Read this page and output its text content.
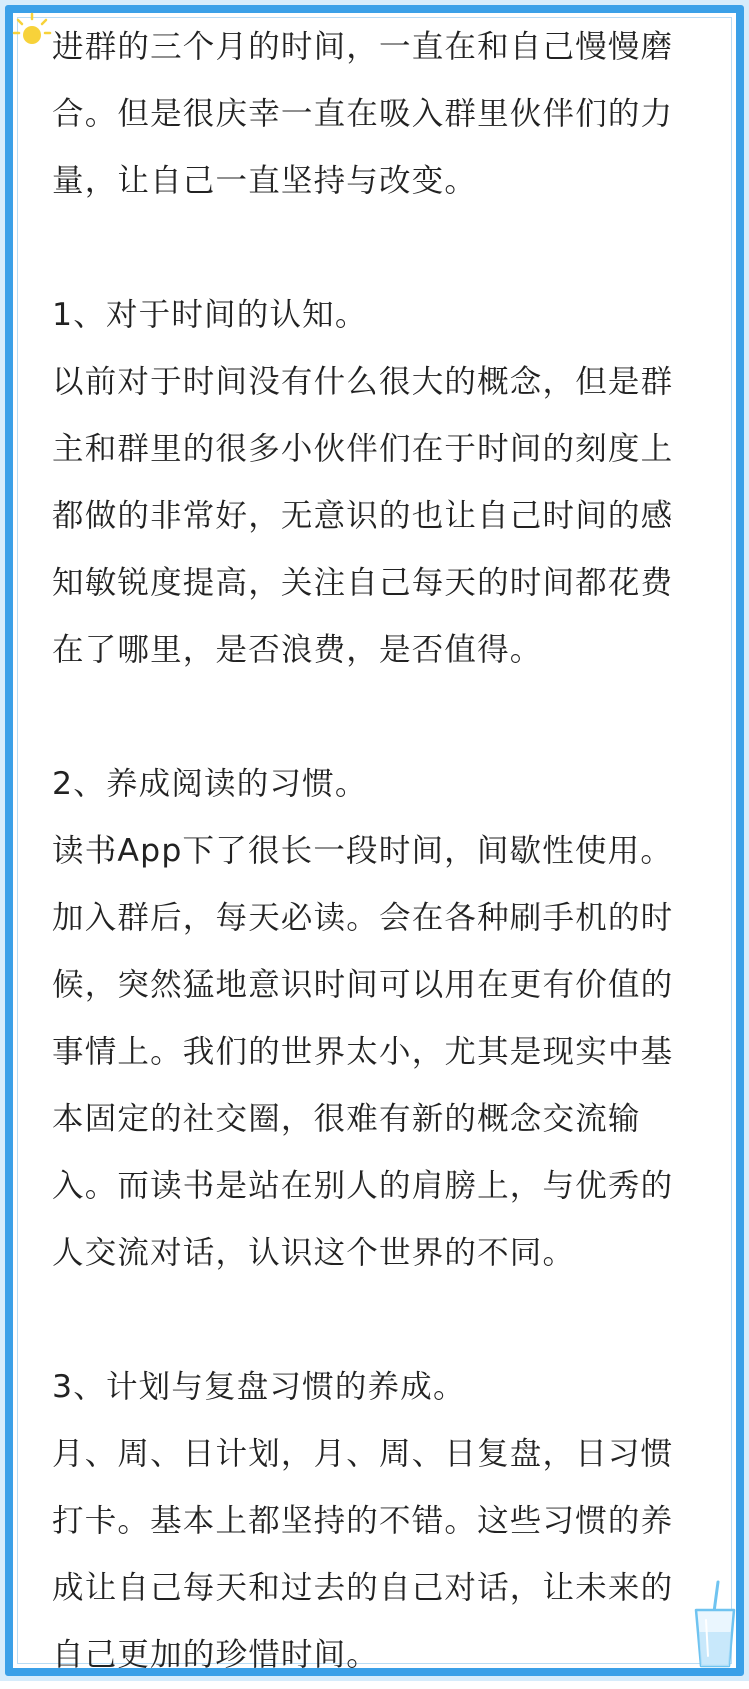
进群的三个月的时间，一直在和自己慢慢磨
合。但是很庆幸一直在吸入群里伙伴们的力
量，让自己一直坚持与改变。
1、对于时间的认知。
以前对于时间没有什么很大的概念，但是群
主和群里的很多小伙伴们在于时间的刻度上
都做的非常好，无意识的也让自己时间的感
知敏锐度提高，关注自己每天的时间都花费
在了哪里，是否浪费，是否值得。
2、养成阅读的习惯。
读书App下了很长一段时间，间歇性使用。
加入群后，每天必读。会在各种刷手机的时
候，突然猛地意识时间可以用在更有价值的
事情上。我们的世界太小，尤其是现实中基
本固定的社交圈，很难有新的概念交流输
入。而读书是站在别人的肩膀上，与优秀的
人交流对话，认识这个世界的不同。
3、计划与复盘习惯的养成。
月、周、日计划，月、周、日复盘，日习惯
打卡。基本上都坚持的不错。这些习惯的养
成让自己每天和过去的自己对话，让未来的
自己更加的珍惜时间。
